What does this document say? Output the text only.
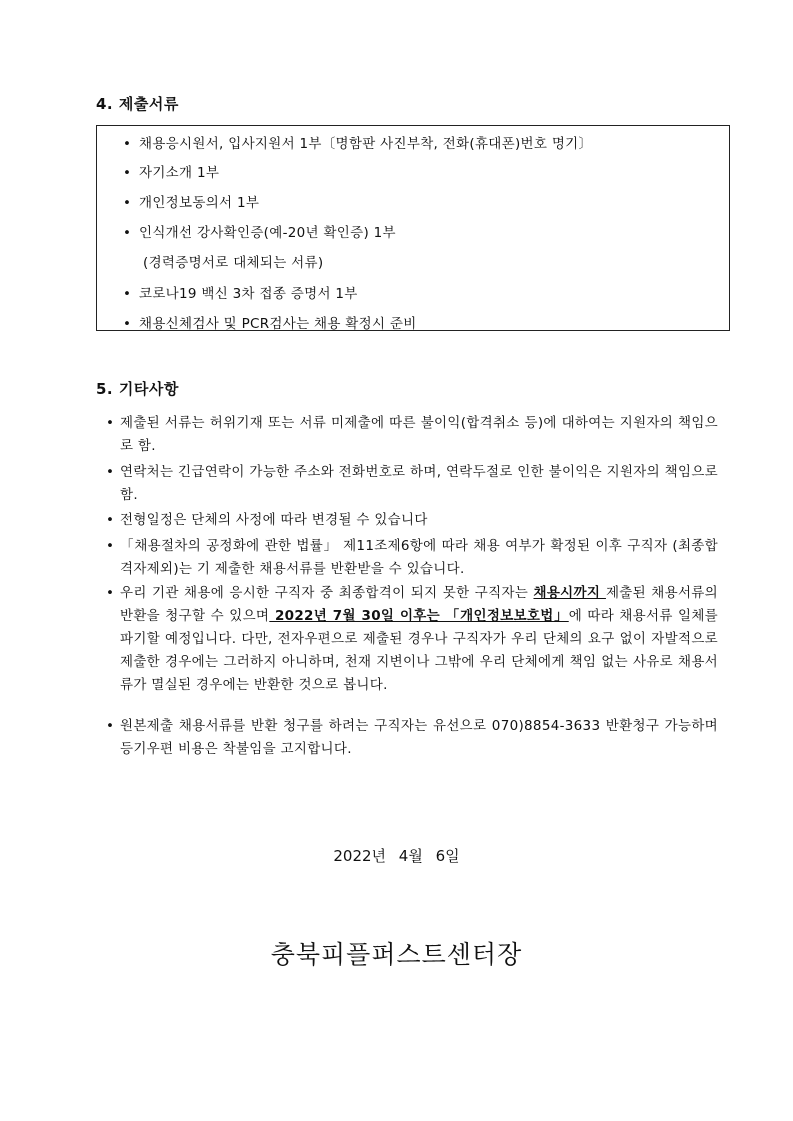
4. 제출서류
• 채용응시원서, 입사지원서 1부〔명함판 사진부착, 전화(휴대폰)번호 명기〕
• 자기소개 1부
• 개인정보동의서 1부
• 인식개선 강사확인증(예-20년 확인증) 1부
(경력증명서로 대체되는 서류)
• 코로나19 백신 3차 접종 증명서 1부
• 채용신체검사 및 PCR검사는 채용 확정시 준비
5. 기타사항
• 제출된 서류는 허위기재 또는 서류 미제출에 따른 불이익(합격취소 등)에 대하여는 지원자의 책임으로 함.
• 연락처는 긴급연락이 가능한 주소와 전화번호로 하며, 연락두절로 인한 불이익은 지원자의 책임으로 함.
• 전형일정은 단체의 사정에 따라 변경될 수 있습니다
• 「채용절차의 공정화에 관한 법률」 제11조제6항에 따라 채용 여부가 확정된 이후 구직자 (최종합격자제외)는 기 제출한 채용서류를 반환받을 수 있습니다.
• 우리 기관 채용에 응시한 구직자 중 최종합격이 되지 못한 구직자는 채용시까지 제출된 채용서류의 반환을 청구할 수 있으며 2022년 7월 30일 이후는 「개인정보보호법」에 따라 채용서류 일체를 파기할 예정입니다. 다만, 전자우편으로 제출된 경우나 구직자가 우리 단체의 요구 없이 자발적으로 제출한 경우에는 그러하지 아니하며, 천재 지변이나 그밖에 우리 단체에게 책임 없는 사유로 채용서류가 멸실된 경우에는 반환한 것으로 봅니다.
• 원본제출 채용서류를 반환 청구를 하려는 구직자는 유선으로 070)8854-3633 반환청구 가능하며 등기우편 비용은 착불임을 고지합니다.
2022년 4월 6일
충북피플퍼스트센터장
